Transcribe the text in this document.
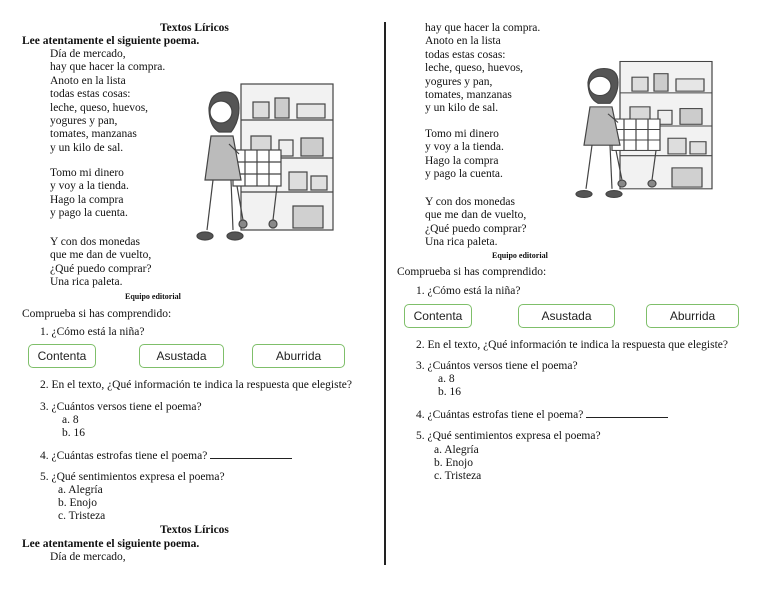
Textos Líricos
Lee atentamente el siguiente poema.
Día de mercado,
hay que hacer la compra.
Anoto en la lista
todas estas cosas:
leche, queso, huevos,
yogures y pan,
tomates, manzanas
y un kilo de sal.
Tomo mi dinero
y voy a la tienda.
Hago la compra
y pago la cuenta.
Y con dos monedas
que me dan de vuelto,
¿Qué puedo comprar?
Una rica paleta.
Equipo editorial
Comprueba si has comprendido:
1. ¿Cómo está la niña?
Contenta	Asustada	Aburrida
2. En el texto, ¿Qué información te indica la respuesta que elegiste?
3. ¿Cuántos versos tiene el poema?
a. 8
b. 16
4. ¿Cuántas estrofas tiene el poema?
5. ¿Qué sentimientos expresa el poema?
a. Alegría
b. Enojo
c. Tristeza
Textos Líricos
Lee atentamente el siguiente poema.
Día de mercado,
hay que hacer la compra.
Anoto en la lista
todas estas cosas:
leche, queso, huevos,
yogures y pan,
tomates, manzanas
y un kilo de sal.
Tomo mi dinero
y voy a la tienda.
Hago la compra
y pago la cuenta.
Y con dos monedas
que me dan de vuelto,
¿Qué puedo comprar?
Una rica paleta.
Equipo editorial
Comprueba si has comprendido:
1. ¿Cómo está la niña?
Contenta	Asustada	Aburrida
2. En el texto, ¿Qué información te indica la respuesta que elegiste?
3. ¿Cuántos versos tiene el poema?
a. 8
b. 16
4. ¿Cuántas estrofas tiene el poema?
5. ¿Qué sentimientos expresa el poema?
a. Alegría
b. Enojo
c. Tristeza
